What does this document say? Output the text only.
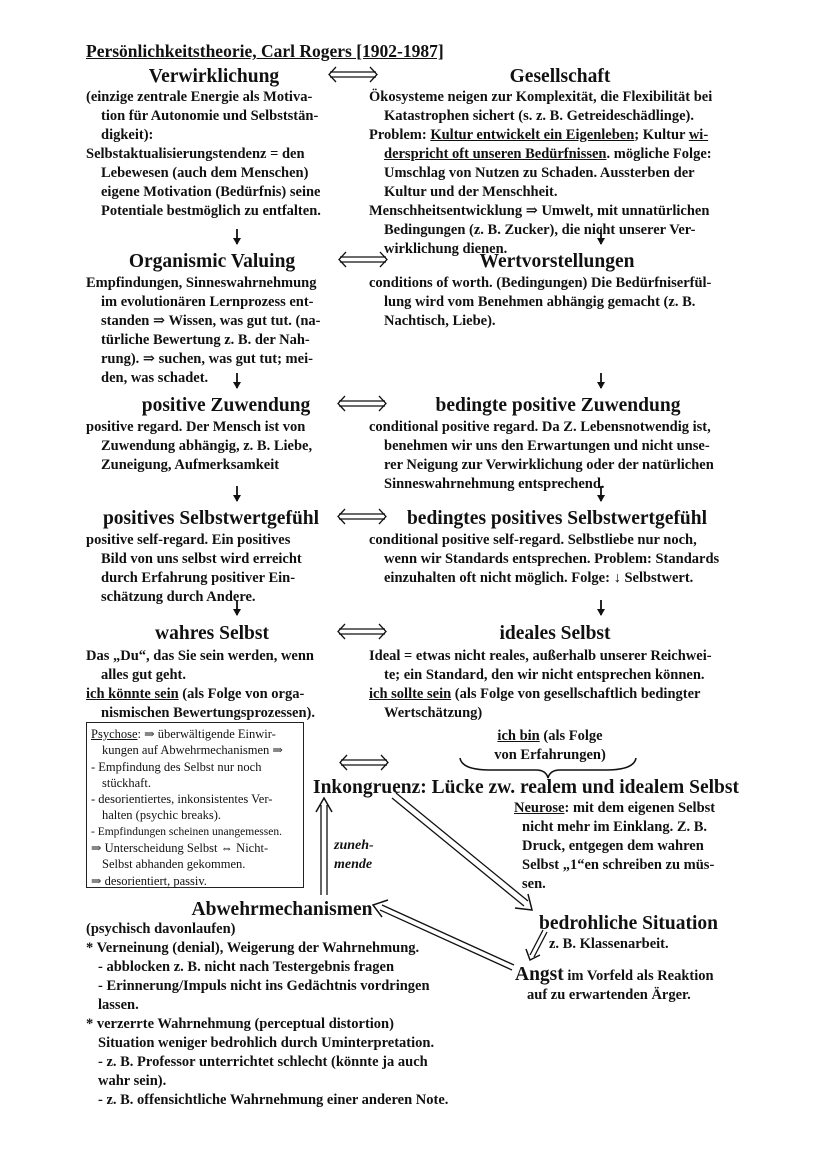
Persönlichkeitstheorie, Carl Rogers [1902-1987]
Verwirklichung
(einzige zentrale Energie als Motiva-
tion für Autonomie und Selbststän-
digkeit):
Selbstaktualisierungstendenz = den
Lebewesen (auch dem Menschen)
eigene Motivation (Bedürfnis) seine
Potentiale bestmöglich zu entfalten.
Gesellschaft
Ökosysteme neigen zur Komplexität, die Flexibilität bei
Katastrophen sichert (s. z. B. Getreideschädlinge).
Problem: Kultur entwickelt ein Eigenleben; Kultur wi-
derspricht oft unseren Bedürfnissen. mögliche Folge:
Umschlag von Nutzen zu Schaden. Aussterben der
Kultur und der Menschheit.
Menschheitsentwicklung ⇒ Umwelt, mit unnatürlichen
Bedingungen (z. B. Zucker), die nicht unserer Ver-
wirklichung dienen.
Organismic Valuing
Empfindungen, Sinneswahrnehmung
im evolutionären Lernprozess ent-
standen ⇒ Wissen, was gut tut. (na-
türliche Bewertung z. B. der Nah-
rung). ⇒ suchen, was gut tut; mei-
den, was schadet.
Wertvorstellungen
conditions of worth. (Bedingungen) Die Bedürfniserfül-
lung wird vom Benehmen abhängig gemacht (z. B.
Nachtisch, Liebe).
positive Zuwendung
positive regard. Der Mensch ist von
Zuwendung abhängig, z. B. Liebe,
Zuneigung, Aufmerksamkeit
bedingte positive Zuwendung
conditional positive regard. Da Z. Lebensnotwendig ist,
benehmen wir uns den Erwartungen und nicht unse-
rer Neigung zur Verwirklichung oder der natürlichen
Sinneswahrnehmung entsprechend.
positives Selbstwertgefühl
positive self-regard. Ein positives
Bild von uns selbst wird erreicht
durch Erfahrung positiver Ein-
schätzung durch Andere.
bedingtes positives Selbstwertgefühl
conditional positive self-regard. Selbstliebe nur noch,
wenn wir Standards entsprechen. Problem: Standards
einzuhalten oft nicht möglich. Folge: ↓ Selbstwert.
wahres Selbst
Das „Du“, das Sie sein werden, wenn
alles gut geht.
ich könnte sein (als Folge von orga-
nismischen Bewertungsprozessen).
ideales Selbst
Ideal = etwas nicht reales, außerhalb unserer Reichwei-
te; ein Standard, den wir nicht entsprechen können.
ich sollte sein (als Folge von gesellschaftlich bedingter
Wertschätzung)
Psychose: ⇒ überwältigende Einwir-
kungen auf Abwehrmechanismen ⇒
- Empfindung des Selbst nur noch
stückhaft.
- desorientiertes, inkonsistentes Ver-
halten (psychic breaks).
- Empfindungen scheinen unangemessen.
⇒ Unterscheidung Selbst ⇔ Nicht-
Selbst abhanden gekommen.
⇒ desorientiert, passiv.
ich bin (als Folge
von Erfahrungen)
Inkongruenz: Lücke zw. realem und idealem Selbst
Neurose: mit dem eigenen Selbst
nicht mehr im Einklang. Z. B.
Druck, entgegen dem wahren
Selbst „1“en schreiben zu müs-
sen.
zuneh-
mende
bedrohliche Situation
z. B. Klassenarbeit.
Angst im Vorfeld als Reaktion
auf zu erwartenden Ärger.
Abwehrmechanismen
(psychisch davonlaufen)
* Verneinung (denial), Weigerung der Wahrnehmung.
- abblocken z. B. nicht nach Testergebnis fragen
- Erinnerung/Impuls nicht ins Gedächtnis vordringen
lassen.
* verzerrte Wahrnehmung (perceptual distortion)
Situation weniger bedrohlich durch Uminterpretation.
- z. B. Professor unterrichtet schlecht (könnte ja auch
wahr sein).
- z. B. offensichtliche Wahrnehmung einer anderen Note.
